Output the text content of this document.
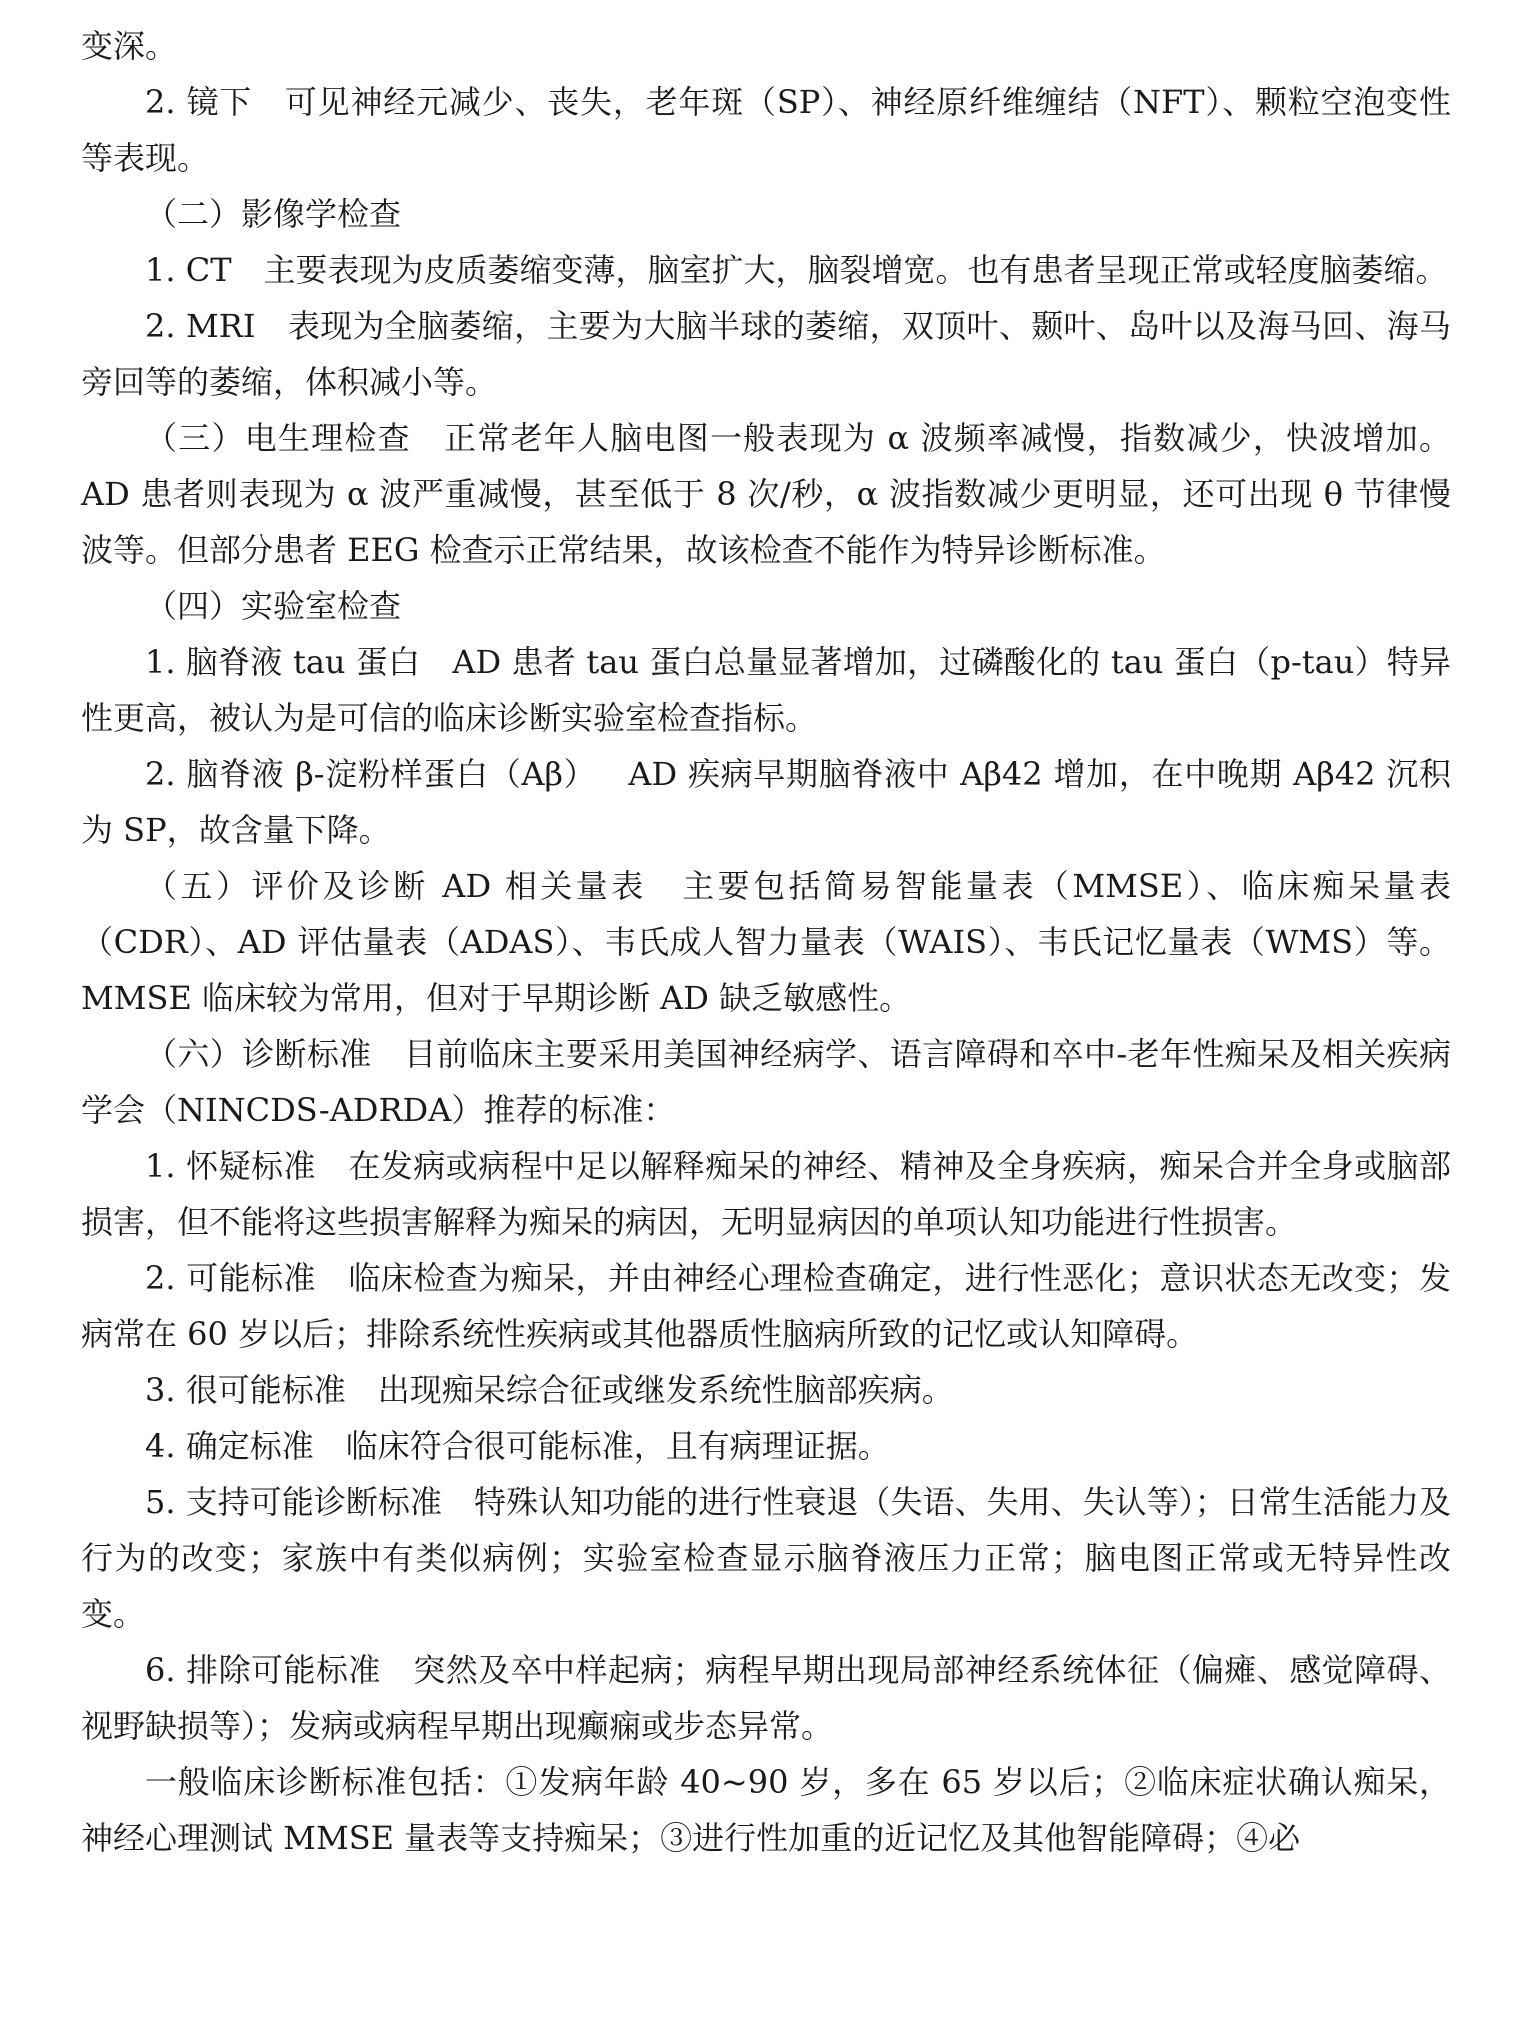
变深。

2. 镜下 可见神经元减少、丧失，老年斑（SP）、神经原纤维缠结（NFT）、颗粒空泡变性等表现。

（二）影像学检查

1. CT 主要表现为皮质萎缩变薄，脑室扩大，脑裂增宽。也有患者呈现正常或轻度脑萎缩。

2. MRI 表现为全脑萎缩，主要为大脑半球的萎缩，双顶叶、颞叶、岛叶以及海马回、海马旁回等的萎缩，体积减小等。

（三）电生理检查 正常老年人脑电图一般表现为 α 波频率减慢，指数减少，快波增加。AD 患者则表现为 α 波严重减慢，甚至低于 8 次/秒，α 波指数减少更明显，还可出现 θ 节律慢波等。但部分患者 EEG 检查示正常结果，故该检查不能作为特异诊断标准。

（四）实验室检查

1. 脑脊液 tau 蛋白 AD 患者 tau 蛋白总量显著增加，过磷酸化的 tau 蛋白（p-tau）特异性更高，被认为是可信的临床诊断实验室检查指标。

2. 脑脊液 β-淀粉样蛋白（Aβ） AD 疾病早期脑脊液中 Aβ42 增加，在中晚期 Aβ42 沉积为 SP，故含量下降。

（五）评价及诊断 AD 相关量表 主要包括简易智能量表（MMSE）、临床痴呆量表（CDR）、AD 评估量表（ADAS）、韦氏成人智力量表（WAIS）、韦氏记忆量表（WMS）等。MMSE 临床较为常用，但对于早期诊断 AD 缺乏敏感性。

（六）诊断标准 目前临床主要采用美国神经病学、语言障碍和卒中-老年性痴呆及相关疾病学会（NINCDS-ADRDA）推荐的标准：

1. 怀疑标准 在发病或病程中足以解释痴呆的神经、精神及全身疾病，痴呆合并全身或脑部损害，但不能将这些损害解释为痴呆的病因，无明显病因的单项认知功能进行性损害。

2. 可能标准 临床检查为痴呆，并由神经心理检查确定，进行性恶化；意识状态无改变；发病常在 60 岁以后；排除系统性疾病或其他器质性脑病所致的记忆或认知障碍。

3. 很可能标准 出现痴呆综合征或继发系统性脑部疾病。

4. 确定标准 临床符合很可能标准，且有病理证据。

5. 支持可能诊断标准 特殊认知功能的进行性衰退（失语、失用、失认等）；日常生活能力及行为的改变；家族中有类似病例；实验室检查显示脑脊液压力正常；脑电图正常或无特异性改变。

6. 排除可能标准 突然及卒中样起病；病程早期出现局部神经系统体征（偏瘫、感觉障碍、视野缺损等）；发病或病程早期出现癫痫或步态异常。

一般临床诊断标准包括：①发病年龄 40~90 岁，多在 65 岁以后；②临床症状确认痴呆，神经心理测试 MMSE 量表等支持痴呆；③进行性加重的近记忆及其他智能障碍；④必
